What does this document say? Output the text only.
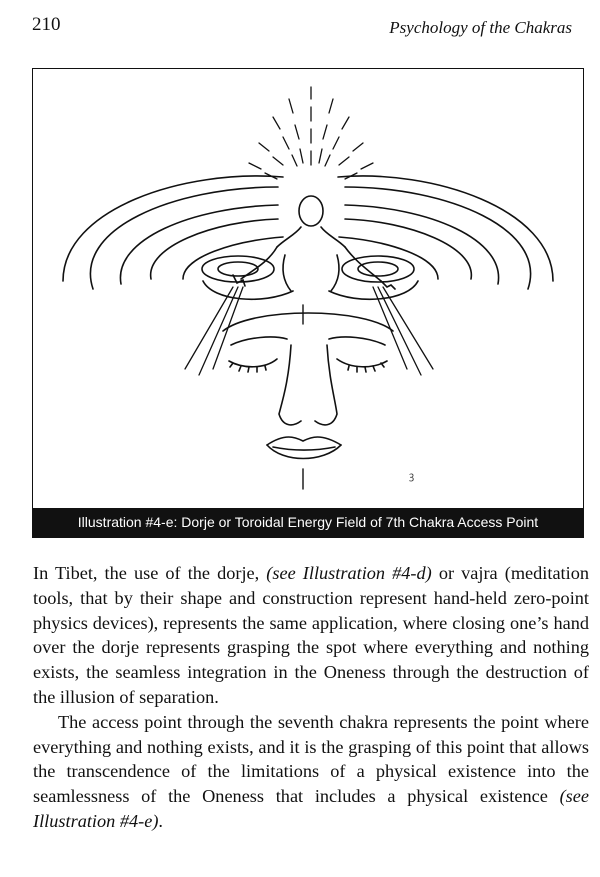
210	Psychology of the Chakras
ꝫ
Illustration #4-e: Dorje or Toroidal Energy Field of 7th Chakra Access Point

In Tibet, the use of the dorje, (see Illustration #4-d) or vajra (meditation tools, that by their shape and construction represent hand-held zero-point physics devices), represents the same application, where closing one’s hand over the dorje represents grasping the spot where everything and nothing exists, the seamless integration in the Oneness through the destruction of the illusion of separation.

The access point through the seventh chakra represents the point where everything and nothing exists, and it is the grasping of this point that allows the transcendence of the limitations of a physical existence into the seamlessness of the Oneness that includes a physical existence (see Illustration #4-e).
